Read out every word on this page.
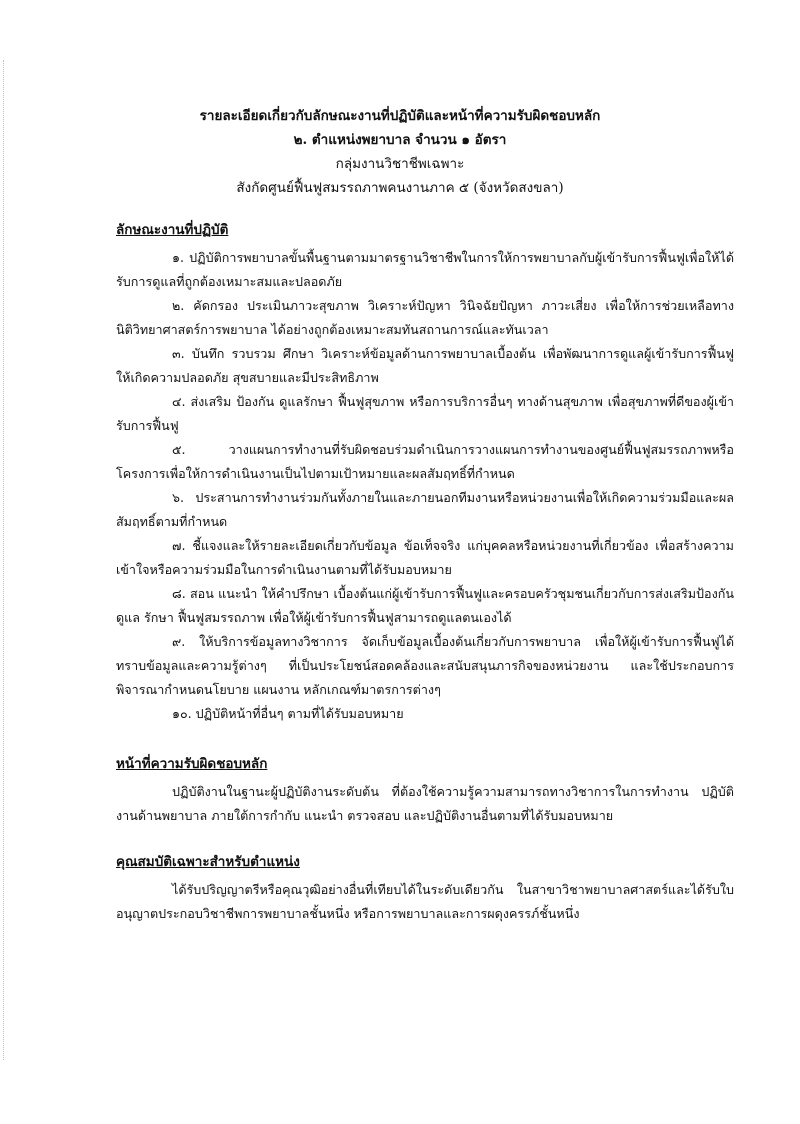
รายละเอียดเกี่ยวกับลักษณะงานที่ปฏิบัติและหน้าที่ความรับผิดชอบหลัก
๒. ตำแหน่งพยาบาล จำนวน ๑ อัตรา
กลุ่มงานวิชาชีพเฉพาะ
สังกัดศูนย์ฟื้นฟูสมรรถภาพคนงานภาค ๕ (จังหวัดสงขลา)
ลักษณะงานที่ปฏิบัติ
๑. ปฏิบัติการพยาบาลขั้นพื้นฐานตามมาตรฐานวิชาชีพในการให้การพยาบาลกับผู้เข้ารับการฟื้นฟูเพื่อให้ได้รับการดูแลที่ถูกต้องเหมาะสมและปลอดภัย
๒. คัดกรอง ประเมินภาวะสุขภาพ วิเคราะห์ปัญหา วินิจฉัยปัญหา ภาวะเสี่ยง เพื่อให้การช่วยเหลือทางนิติวิทยาศาสตร์การพยาบาล ได้อย่างถูกต้องเหมาะสมทันสถานการณ์และทันเวลา
๓. บันทึก รวบรวม ศึกษา วิเคราะห์ข้อมูลด้านการพยาบาลเบื้องต้น เพื่อพัฒนาการดูแลผู้เข้ารับการฟื้นฟู ให้เกิดความปลอดภัย สุขสบายและมีประสิทธิภาพ
๔. ส่งเสริม ป้องกัน ดูแลรักษา ฟื้นฟูสุขภาพ หรือการบริการอื่นๆ ทางด้านสุขภาพ เพื่อสุขภาพที่ดีของผู้เข้ารับการฟื้นฟู
๕. วางแผนการทำงานที่รับผิดชอบร่วมดำเนินการวางแผนการทำงานของศูนย์ฟื้นฟูสมรรถภาพหรือโครงการเพื่อให้การดำเนินงานเป็นไปตามเป้าหมายและผลสัมฤทธิ์ที่กำหนด
๖. ประสานการทำงานร่วมกันทั้งภายในและภายนอกทีมงานหรือหน่วยงานเพื่อให้เกิดความร่วมมือและผลสัมฤทธิ์ตามที่กำหนด
๗. ชี้แจงและให้รายละเอียดเกี่ยวกับข้อมูล ข้อเท็จจริง แก่บุคคลหรือหน่วยงานที่เกี่ยวข้อง เพื่อสร้างความเข้าใจหรือความร่วมมือในการดำเนินงานตามที่ได้รับมอบหมาย
๘. สอน แนะนำ ให้คำปรึกษา เบื้องต้นแก่ผู้เข้ารับการฟื้นฟูและครอบครัวชุมชนเกี่ยวกับการส่งเสริมป้องกันดูแล รักษา ฟื้นฟูสมรรถภาพ เพื่อให้ผู้เข้ารับการฟื้นฟูสามารถดูแลตนเองได้
๙. ให้บริการข้อมูลทางวิชาการ จัดเก็บข้อมูลเบื้องต้นเกี่ยวกับการพยาบาล เพื่อให้ผู้เข้ารับการฟื้นฟูได้ทราบข้อมูลและความรู้ต่างๆ ที่เป็นประโยชน์สอดคล้องและสนับสนุนภารกิจของหน่วยงาน และใช้ประกอบการพิจารณากำหนดนโยบาย แผนงาน หลักเกณฑ์มาตรการต่างๆ
๑๐. ปฏิบัติหน้าที่อื่นๆ ตามที่ได้รับมอบหมาย
หน้าที่ความรับผิดชอบหลัก
ปฏิบัติงานในฐานะผู้ปฏิบัติงานระดับต้น ที่ต้องใช้ความรู้ความสามารถทางวิชาการในการทำงาน ปฏิบัติงานด้านพยาบาล ภายใต้การกำกับ แนะนำ ตรวจสอบ และปฏิบัติงานอื่นตามที่ได้รับมอบหมาย
คุณสมบัติเฉพาะสำหรับตำแหน่ง
ได้รับปริญญาตรีหรือคุณวุฒิอย่างอื่นที่เทียบได้ในระดับเดียวกัน ในสาขาวิชาพยาบาลศาสตร์และได้รับใบอนุญาตประกอบวิชาชีพการพยาบาลชั้นหนึ่ง หรือการพยาบาลและการผดุงครรภ์ชั้นหนึ่ง
